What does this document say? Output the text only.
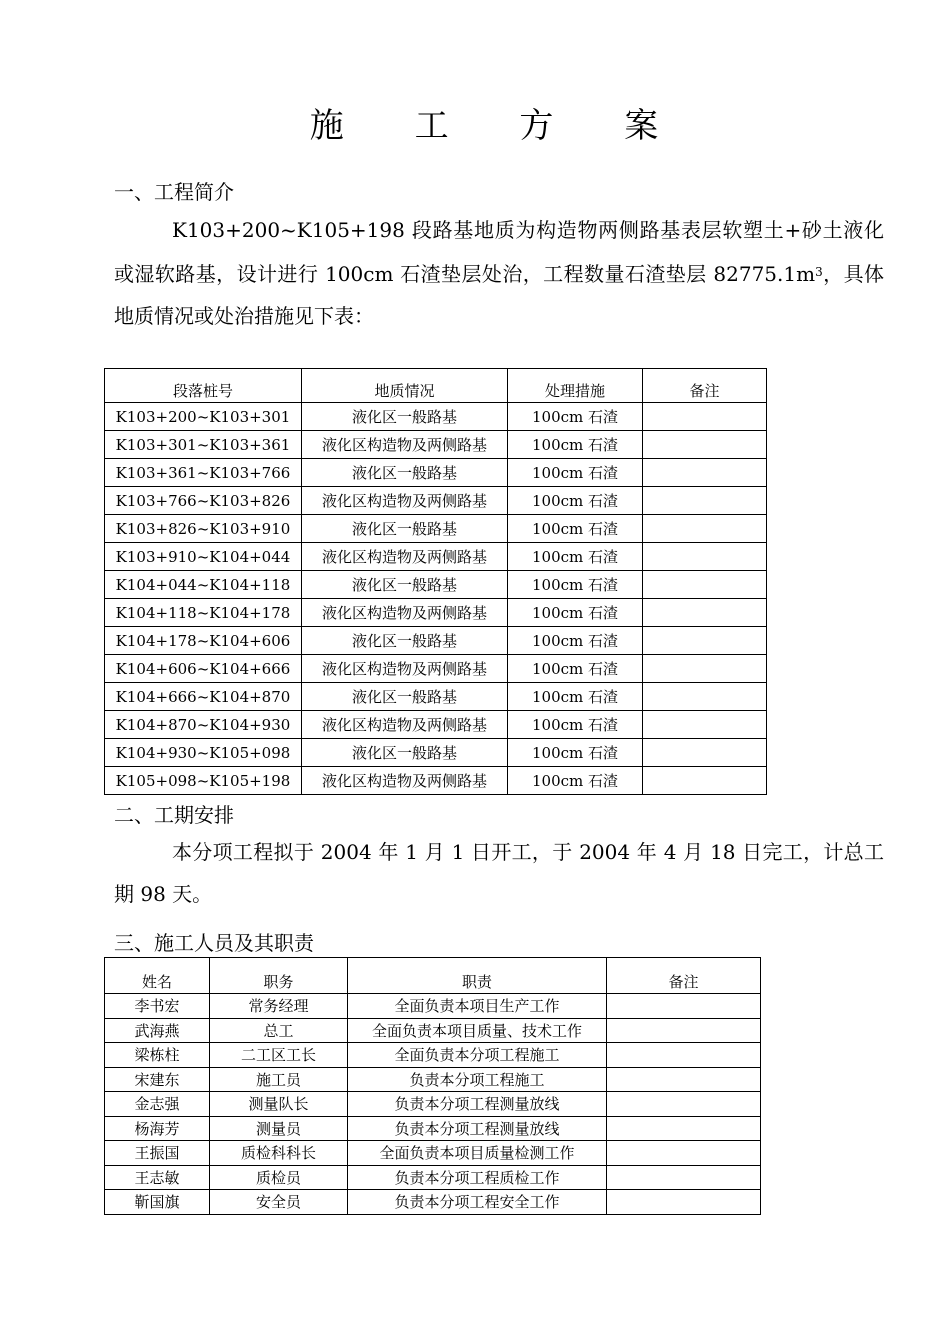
施 工 方 案
一、工程简介

K103+200~K105+198 段路基地质为构造物两侧路基表层软塑土+砂土液化或湿软路基，设计进行 100cm 石渣垫层处治，工程数量石渣垫层 $82775.1m^3$，具体地质情况或处治措施见下表：

段落桩号	地质情况	处理措施	备注
K103+200~K103+301	液化区一般路基	100cm 石渣	
K103+301~K103+361	液化区构造物及两侧路基	100cm 石渣	
K103+361~K103+766	液化区一般路基	100cm 石渣	
K103+766~K103+826	液化区构造物及两侧路基	100cm 石渣	
K103+826~K103+910	液化区一般路基	100cm 石渣	
K103+910~K104+044	液化区构造物及两侧路基	100cm 石渣	
K104+044~K104+118	液化区一般路基	100cm 石渣	
K104+118~K104+178	液化区构造物及两侧路基	100cm 石渣	
K104+178~K104+606	液化区一般路基	100cm 石渣	
K104+606~K104+666	液化区构造物及两侧路基	100cm 石渣	
K104+666~K104+870	液化区一般路基	100cm 石渣	
K104+870~K104+930	液化区构造物及两侧路基	100cm 石渣	
K104+930~K105+098	液化区一般路基	100cm 石渣	
K105+098~K105+198	液化区构造物及两侧路基	100cm 石渣	
二、工期安排

本分项工程拟于 2004 年 1 月 1 日开工，于 2004 年 4 月 18 日完工，计总工期 98 天。

三、施工人员及其职责
姓名	职务	职责	备注
李书宏	常务经理	全面负责本项目生产工作	
武海燕	总工	全面负责本项目质量、技术工作	
梁栋柱	二工区工长	全面负责本分项工程施工	
宋建东	施工员	负责本分项工程施工	
金志强	测量队长	负责本分项工程测量放线	
杨海芳	测量员	负责本分项工程测量放线	
王振国	质检科科长	全面负责本项目质量检测工作	
王志敏	质检员	负责本分项工程质检工作	
靳国旗	安全员	负责本分项工程安全工作	
